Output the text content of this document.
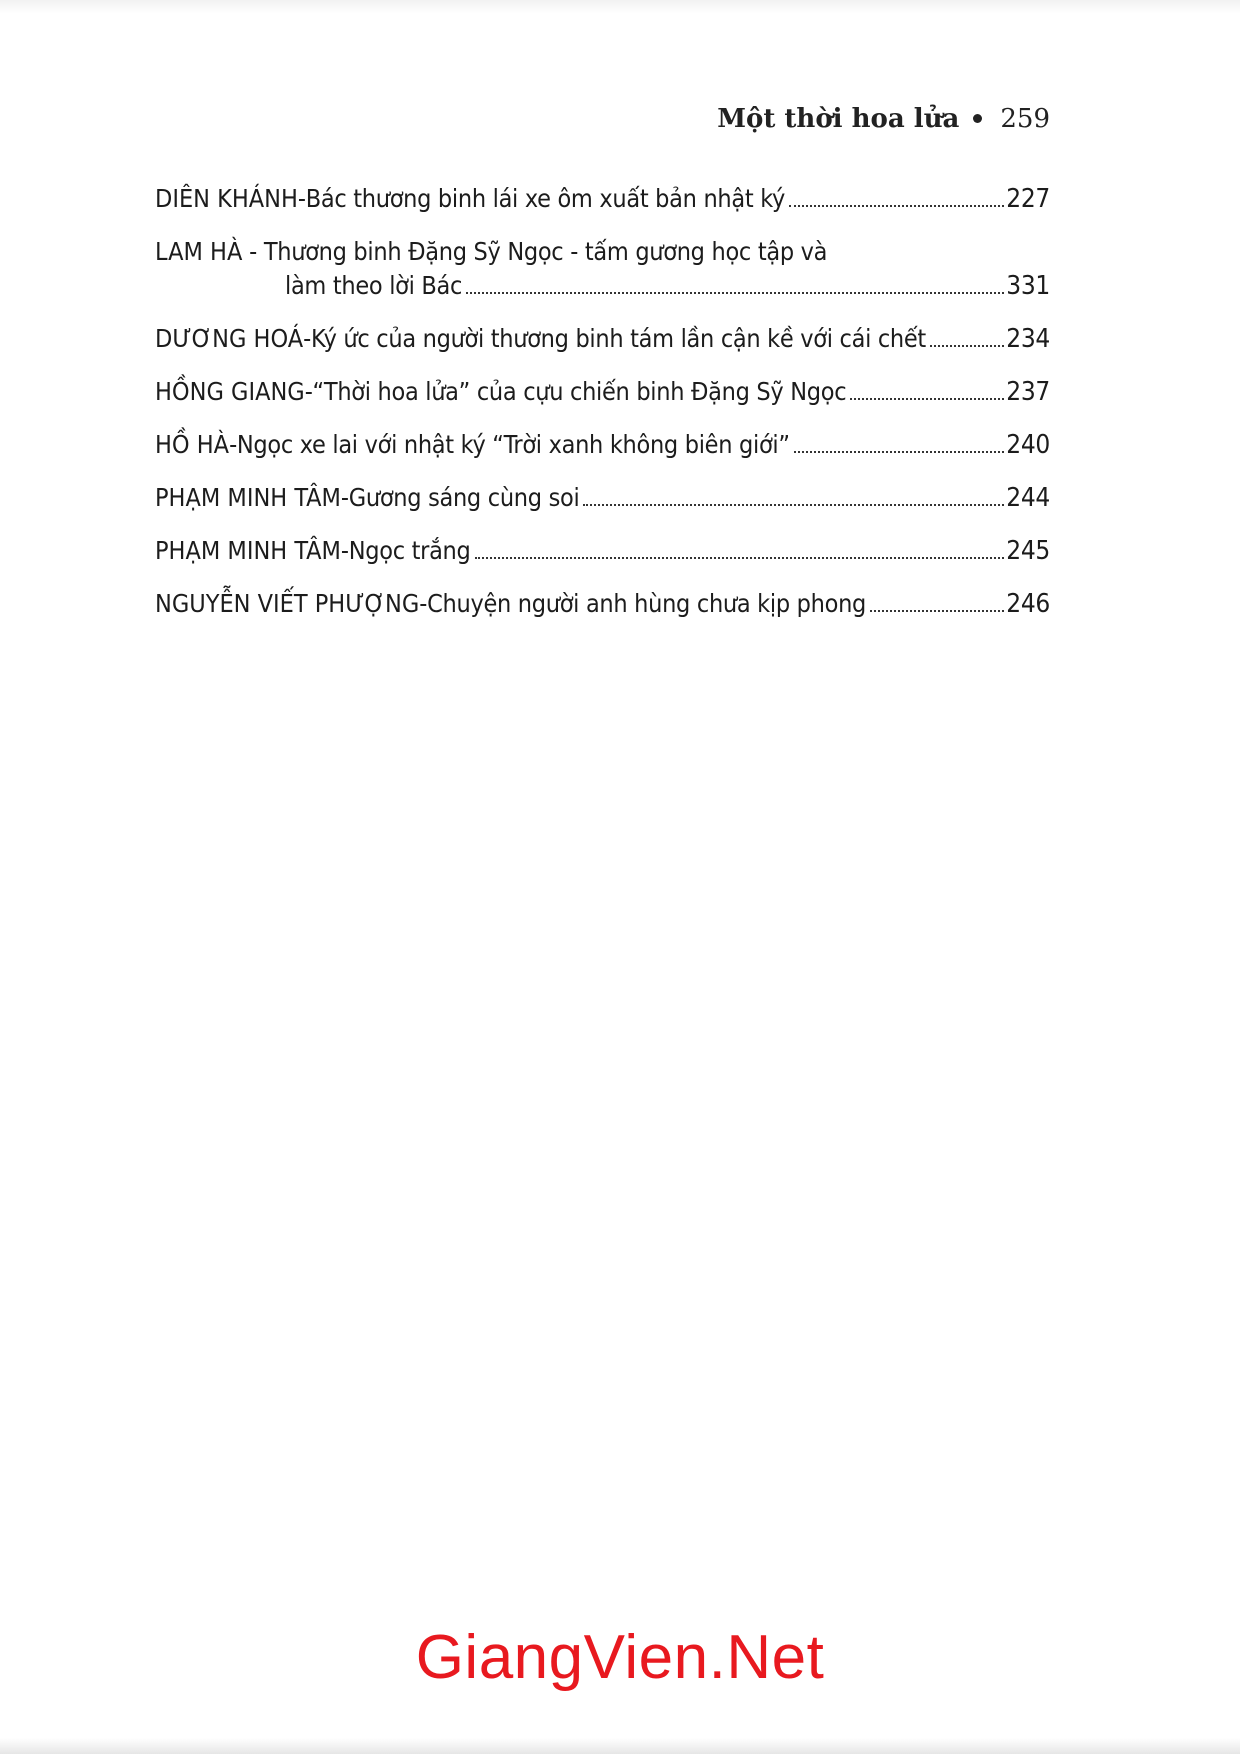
Một thời hoa lửa 259
DIÊN KHÁNH - Bác thương binh lái xe ôm xuất bản nhật ký	227
LAM HÀ - Thương binh Đặng Sỹ Ngọc - tấm gương học tập và
làm theo lời Bác	331
DƯƠNG HOÁ - Ký ức của người thương binh tám lần cận kề với cái chết	234
HỒNG GIANG - “Thời hoa lửa” của cựu chiến binh Đặng Sỹ Ngọc	237
HỒ HÀ - Ngọc xe lai với nhật ký “Trời xanh không biên giới”	240
PHẠM MINH TÂM - Gương sáng cùng soi	244
PHẠM MINH TÂM - Ngọc trắng	245
NGUYỄN VIẾT PHƯỢNG - Chuyện người anh hùng chưa kịp phong	246
GiangVien.Net
